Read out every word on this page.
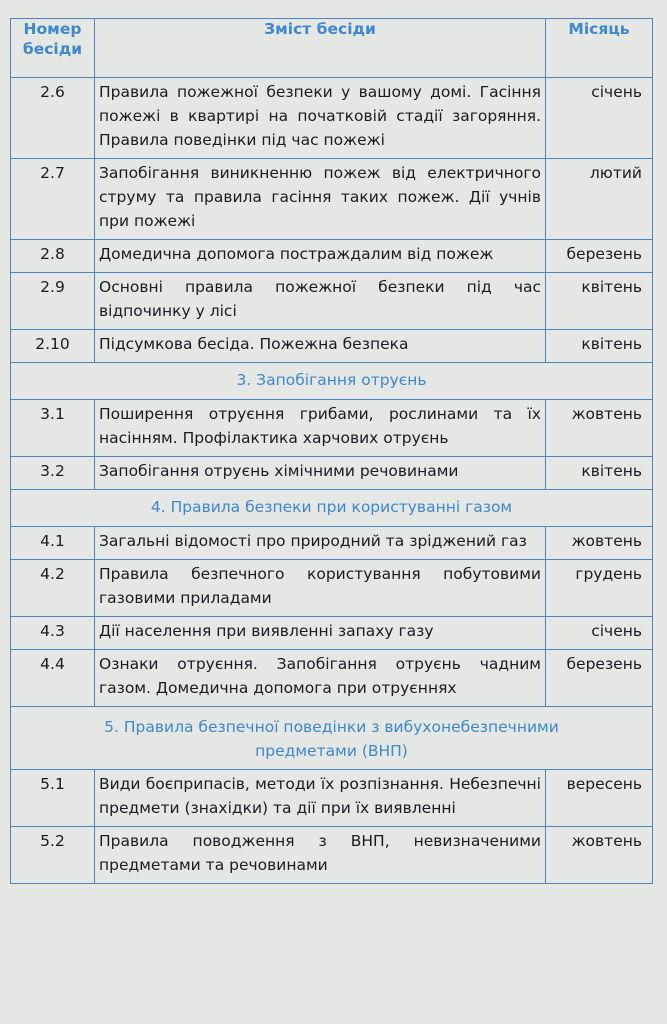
Номер бесіди	Зміст бесіди	Місяць
2.6	Правила пожежної безпеки у вашому домі. Гасіння пожежі в квартирі на початковій стадії загоряння. Правила поведінки під час пожежі	січень
2.7	Запобігання виникненню пожеж від електричного струму та правила гасіння таких пожеж. Дії учнів при пожежі	лютий
2.8	Домедична допомога постраждалим від пожеж	березень
2.9	Основні правила пожежної безпеки під час відпочинку у лісі	квітень
2.10	Підсумкова бесіда. Пожежна безпека	квітень
3. Запобігання отруєнь		
3.1	Поширення отруєння грибами, рослинами та їх насінням. Профілактика харчових отруєнь	жовтень
3.2	Запобігання отруєнь хімічними речовинами	квітень
4. Правила безпеки при користуванні газом		
4.1	Загальні відомості про природний та зріджений газ	жовтень
4.2	Правила безпечного користування побутовими газовими приладами	грудень
4.3	Дії населення при виявленні запаху газу	січень
4.4	Ознаки отруєння. Запобігання отруєнь чадним газом. Домедична допомога при отруєннях	березень
5. Правила безпечної поведінки з вибухонебезпечними предметами (ВНП)		
5.1	Види боєприпасів, методи їх розпізнання. Небезпечні предмети (знахідки) та дії при їх виявленні	вересень
5.2	Правила поводження з ВНП, невизначеними предметами та речовинами	жовтень
